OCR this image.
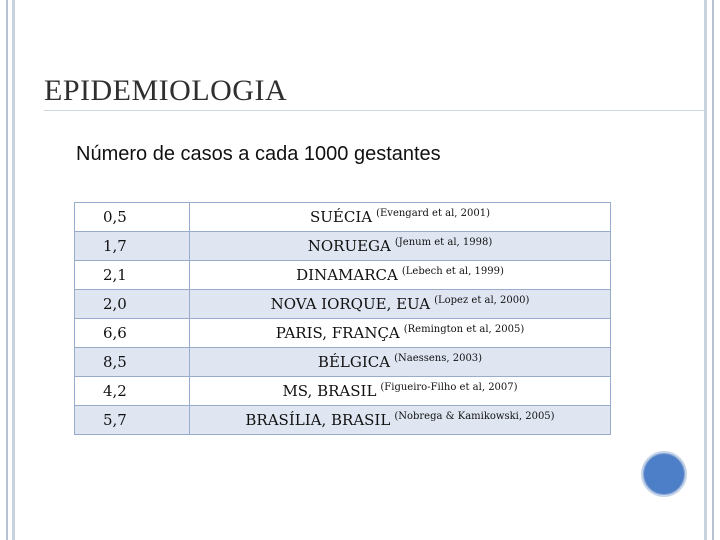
EPIDEMIOLOGIA
Número de casos a cada 1000 gestantes
0,5	SUÉCIA $^{(Evengard et al, 2001)}$
1,7	NORUEGA $^{(Jenum et al, 1998)}$
2,1	DINAMARCA $^{(Lebech et al, 1999)}$
2,0	NOVA IORQUE, EUA $^{(Lopez et al, 2000)}$
6,6	PARIS, FRANÇA $^{(Remington et al, 2005)}$
8,5	BÉLGICA $^{(Naessens, 2003)}$
4,2	MS, BRASIL $^{(Figueiro-Filho et al, 2007)}$
5,7	BRASÍLIA, BRASIL $^{(Nobrega \& Kamikowski, 2005)}$
